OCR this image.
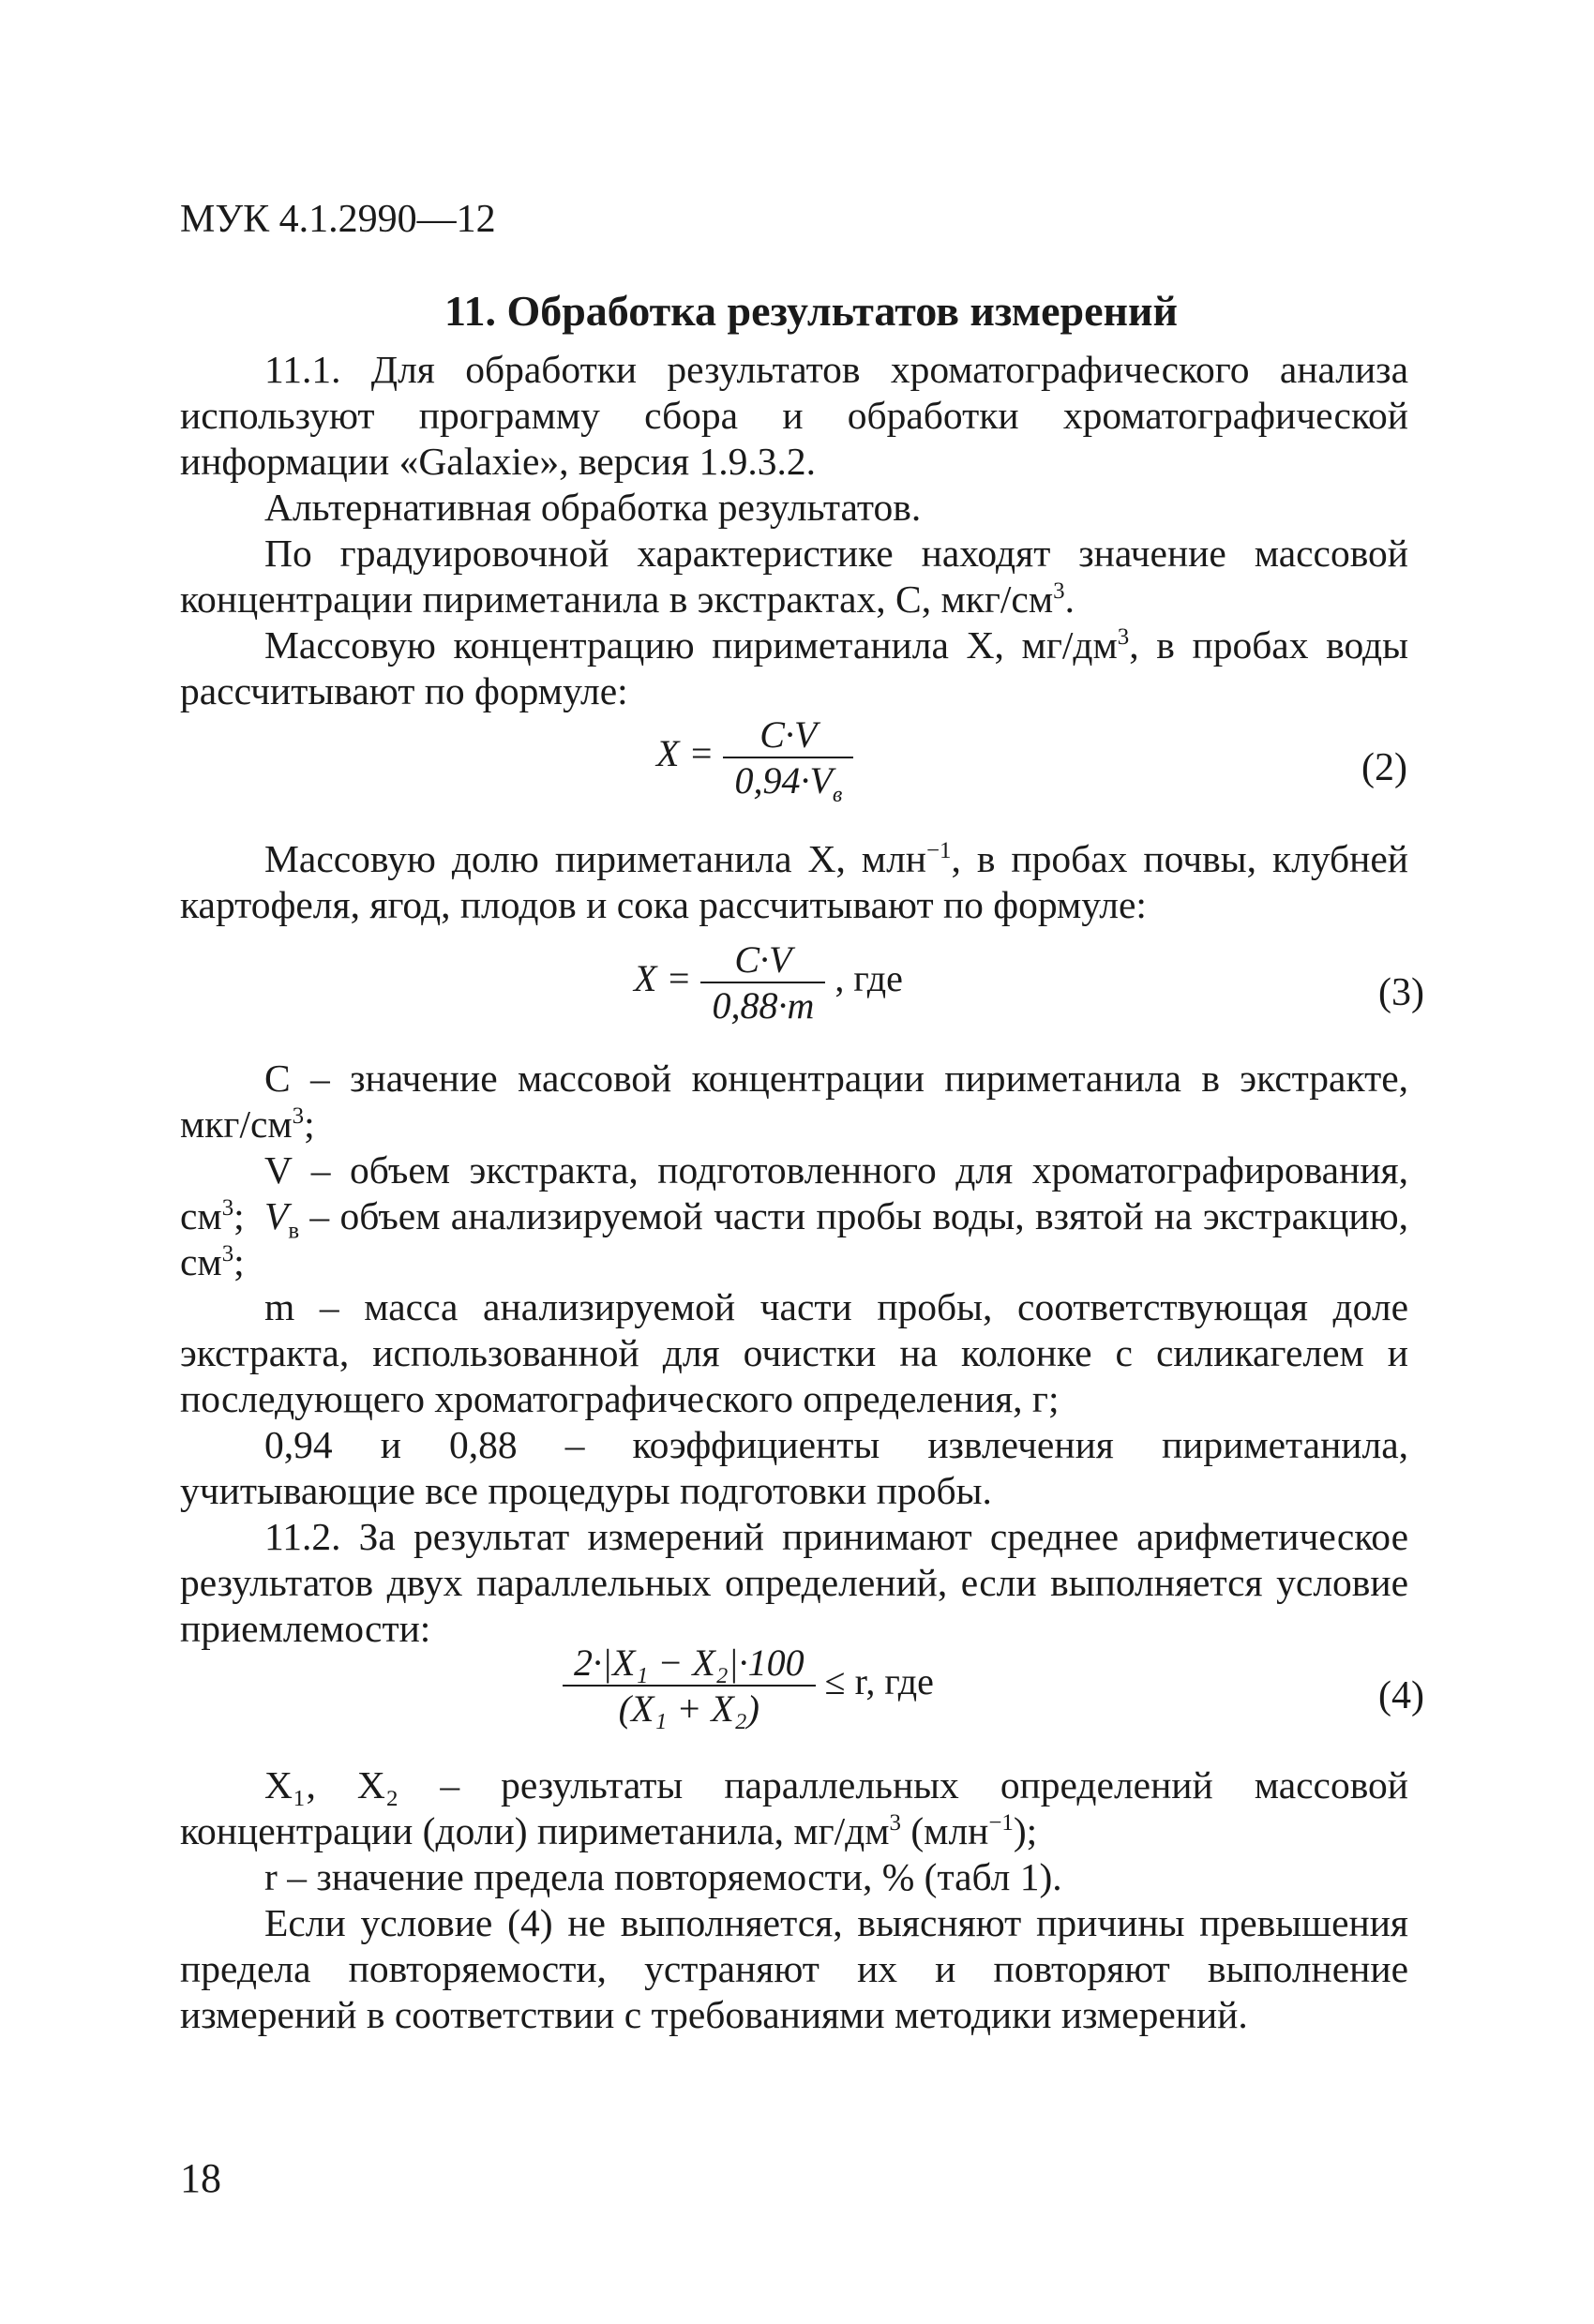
МУК 4.1.2990—12
11. Обработка результатов измерений
11.1. Для обработки результатов хроматографического анализа используют программу сбора и обработки хроматографической информации «Galaxie», версия 1.9.3.2.
Альтернативная обработка результатов.
По градуировочной характеристике находят значение массовой концентрации пириметанила в экстрактах, C, мкг/$см^3$.
Массовую концентрацию пириметанила X, $мг/дм^3$, в пробах воды рассчитывают по формуле:
$X = \frac{C\cdot V}{0,94\cdot V_в}$	(2)
Массовую долю пириметанила X, млн$^{-1}$, в пробах почвы, клубней картофеля, ягод, плодов и сока рассчитывают по формуле:
$X = \frac{C\cdot V}{0,88\cdot m}$ , где	(3)
C – значение массовой концентрации пириметанила в экстракте, мкг/$см^3$;
V – объем экстракта, подготовленного для хроматографирования, $см^3$; $V_в$ – объем анализируемой части пробы воды, взятой на экстракцию, $см^3$;
m – масса анализируемой части пробы, соответствующая доле экстракта, использованной для очистки на колонке с силикагелем и последующего хроматографического определения, г;
0,94 и 0,88 – коэффициенты извлечения пириметанила, учитывающие все процедуры подготовки пробы.
11.2. За результат измерений принимают среднее арифметическое результатов двух параллельных определений, если выполняется условие приемлемости:
$\frac{\text{2·|X₁ − X₂|·100}}{\text{(X₁ + X₂)}} \le r$, где	(4)
X₁, X₂ – результаты параллельных определений массовой концентрации (доли) пириметанила, $мг/дм^3$ (млн$^{-1}$);
r – значение предела повторяемости, % (табл 1).
Если условие (4) не выполняется, выясняют причины превышения предела повторяемости, устраняют их и повторяют выполнение измерений в соответствии с требованиями методики измерений.
18
